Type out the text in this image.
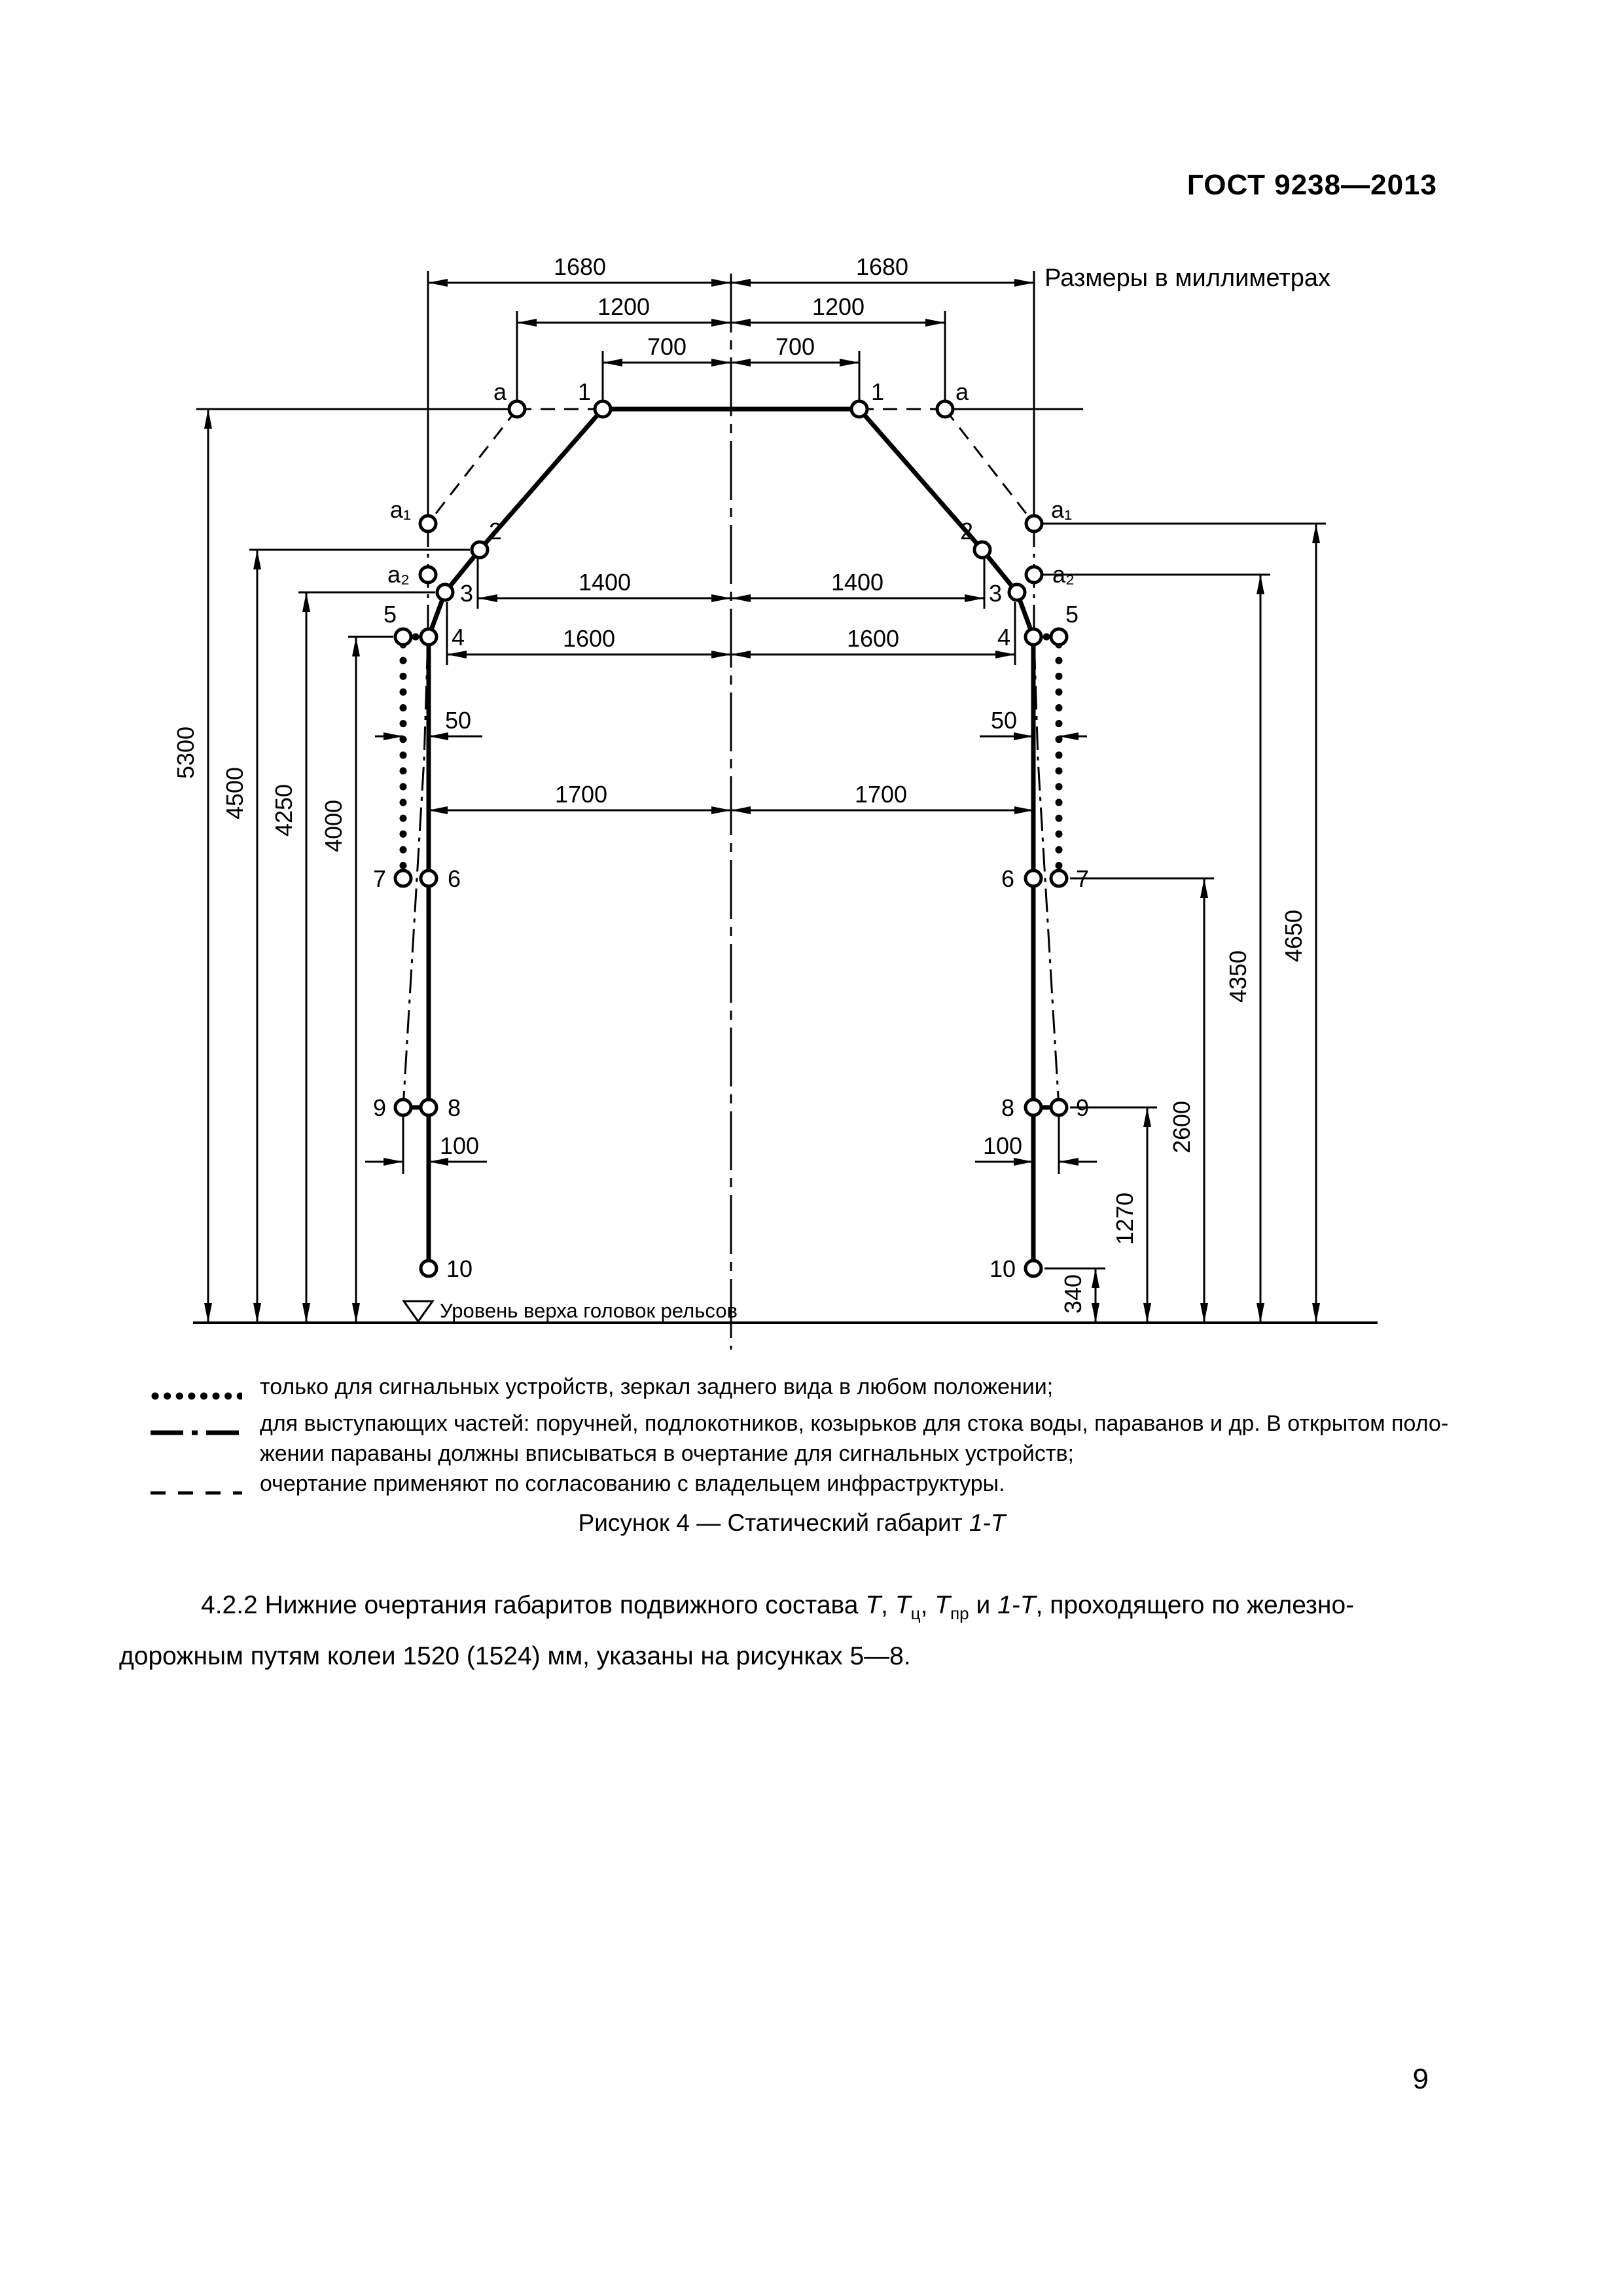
ГОСТ 9238—2013
Размеры в миллиметрах
1680	1680
1200	1200
700	700
1400	1400
1600	1600
1700	1700
50	50
100	100
5300
4500 4250 4000
4650
4350
2600
1270
340
a	1
a₁
2
a₂
3
5
4
7	6
9	8
10
a
1
a₁
2
a₂
3
5
4
7
6
9
8
10
Уровень верха головок рельсов
только для сигнальных устройств, зеркал заднего вида в любом положении;
для выступающих частей: поручней, подлокотников, козырьков для стока воды, параванов и др. В открытом поло-
жении параваны должны вписываться в очертание для сигнальных устройств;
очертание применяют по согласованию с владельцем инфраструктуры.
Рисунок 4 — Статический габарит 1-Т
4.2.2 Нижние очертания габаритов подвижного состава Т, $Т_ц$, $Т_{пр}$ и 1-Т, проходящего по железно-
дорожным путям колеи 1520 (1524) мм, указаны на рисунках 5—8.
9
